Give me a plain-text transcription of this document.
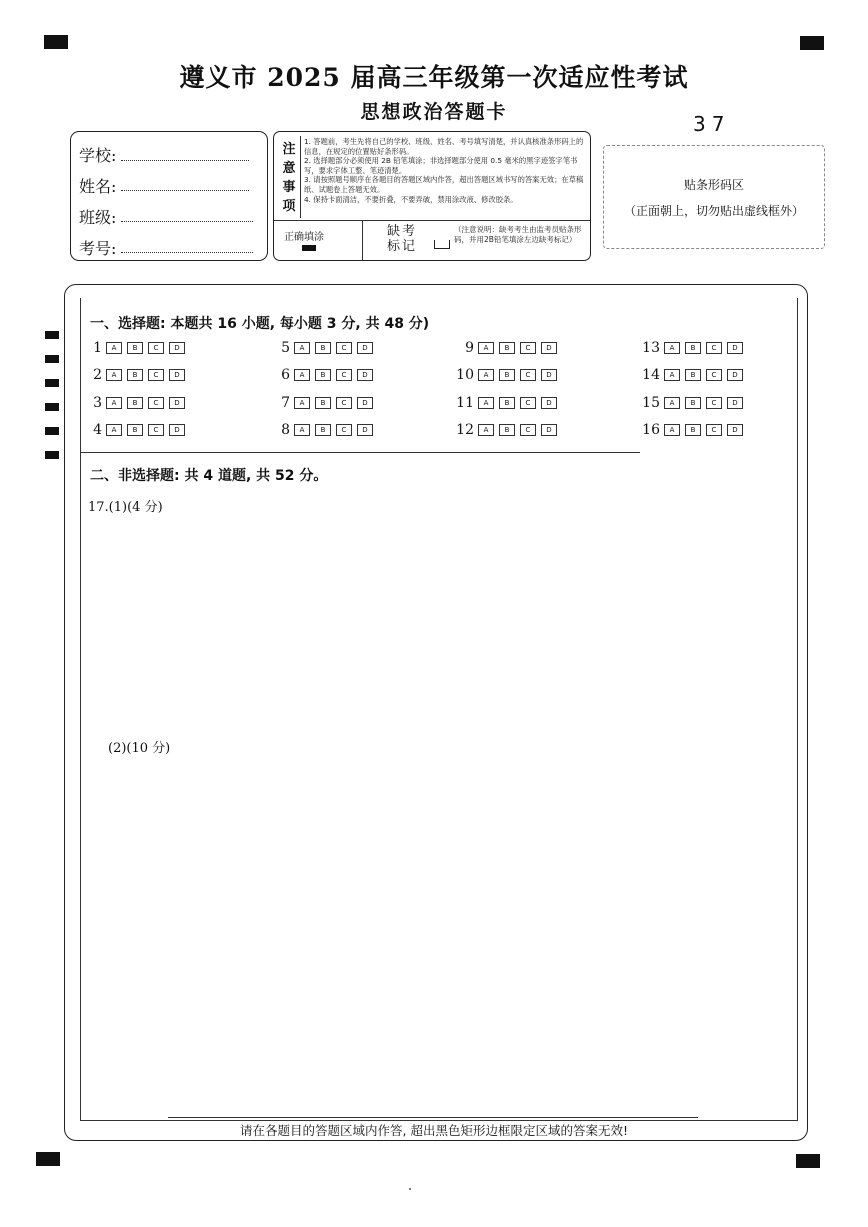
遵义市 2025 届高三年级第一次适应性考试
思想政治答题卡	37
学校:
姓名:
班级:
考号:
注
意
事
项
1. 答题前，考生先将自己的学校、班级、姓名、考号填写清楚，并认真核准条形码上的信息，在规定的位置贴好条形码。
2. 选择题部分必须使用 2B 铅笔填涂；非选择题部分使用 0.5 毫米的黑字迹签字笔书写，要求字体工整、笔迹清楚。
3. 请按照题号顺序在各题目的答题区域内作答，超出答题区域书写的答案无效；在草稿纸、试题卷上答题无效。
4. 保持卡面清洁，不要折叠，不要弄破，禁用涂改液、修改胶条。
正确填涂	缺考标记
（注意说明：缺考考生由监考员贴条形码，并用2B铅笔填涂左边缺考标记）
贴条形码区
（正面朝上，切勿贴出虚线框外）
一、选择题: 本题共 16 小题, 每小题 3 分, 共 48 分)
1	A	B	C	D
2	A	B	C	D
3	A	B	C	D
4	A	B	C	D
5	A	B	C	D
6	A	B	C	D
7	A	B	C	D
8	A	B	C	D
9	A	B	C	D
10	A	B	C	D
11	A	B	C	D
12	A	B	C	D
13	A	B	C	D
14	A	B	C	D
15	A	B	C	D
16	A	B	C	D
二、非选择题: 共 4 道题, 共 52 分。
17.(1)(4 分)
(2)(10 分)
请在各题目的答题区域内作答, 超出黑色矩形边框限定区域的答案无效!
